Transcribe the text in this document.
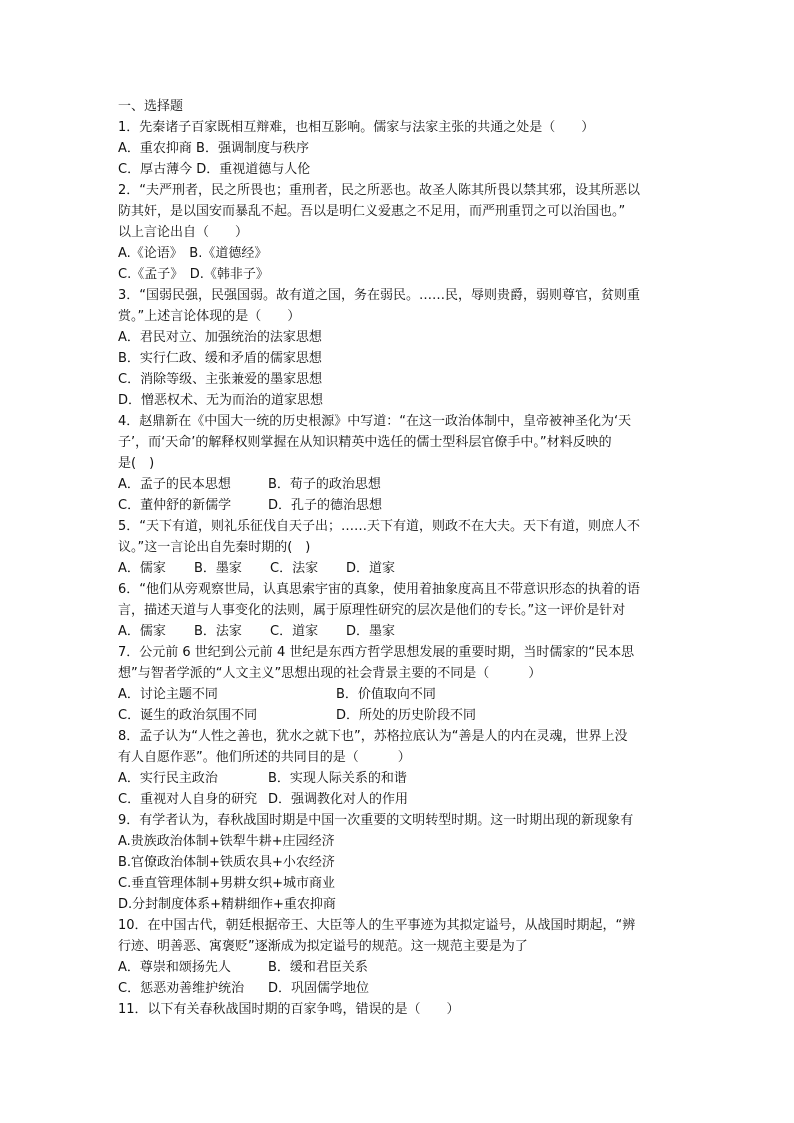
一、选择题
1．先秦诸子百家既相互辩难，也相互影响。儒家与法家主张的共通之处是（　　）
A．重农抑商 B．强调制度与秩序
C．厚古薄今 D．重视道德与人伦
2．“夫严刑者，民之所畏也；重刑者，民之所恶也。故圣人陈其所畏以禁其邪，设其所恶以
防其奸，是以国安而暴乱不起。吾以是明仁义爱惠之不足用，而严刑重罚之可以治国也。”
以上言论出自（　　）
A.《论语》　B.《道德经》
C.《孟子》　D.《韩非子》
3．“国弱民强，民强国弱。故有道之国，务在弱民。……民，辱则贵爵，弱则尊官，贫则重
赏。”上述言论体现的是（　　）
A．君民对立、加强统治的法家思想
B．实行仁政、缓和矛盾的儒家思想
C．消除等级、主张兼爱的墨家思想
D．憎恶权术、无为而治的道家思想
4．赵鼎新在《中国大一统的历史根源》中写道：“在这一政治体制中，皇帝被神圣化为‘天
子’，而‘天命’的解释权则掌握在从知识精英中选任的儒士型科层官僚手中。”材料反映的
是(　)
A．孟子的民本思想	B．荀子的政治思想
C．董仲舒的新儒学	D．孔子的德治思想
5．“天下有道，则礼乐征伐自天子出；……天下有道，则政不在大夫。天下有道，则庶人不
议。”这一言论出自先秦时期的(　)
A．儒家	B．墨家	C．法家	D．道家
6．“他们从旁观察世局，认真思索宇宙的真象，使用着抽象度高且不带意识形态的执着的语
言，描述天道与人事变化的法则，属于原理性研究的层次是他们的专长。”这一评价是针对
A．儒家	B．法家	C．道家	D．墨家
7．公元前 6 世纪到公元前 4 世纪是东西方哲学思想发展的重要时期，当时儒家的“民本思
想”与智者学派的“人文主义”思想出现的社会背景主要的不同是（　　　）
A．讨论主题不同	B．价值取向不同
C．诞生的政治氛围不同	D．所处的历史阶段不同
8．孟子认为“人性之善也，犹水之就下也”，苏格拉底认为“善是人的内在灵魂，世界上没
有人自愿作恶”。他们所述的共同目的是（　　　）
A．实行民主政治	B．实现人际关系的和谐
C．重视对人自身的研究 D．强调教化对人的作用
9．有学者认为，春秋战国时期是中国一次重要的文明转型时期。这一时期出现的新现象有
A.贵族政治体制+铁犁牛耕+庄园经济
B.官僚政治体制+铁质农具+小农经济
C.垂直管理体制+男耕女织+城市商业
D.分封制度体系+精耕细作+重农抑商
10．在中国古代，朝廷根据帝王、大臣等人的生平事迹为其拟定谥号，从战国时期起，“辨
行迹、明善恶、寓褒贬”逐渐成为拟定谥号的规范。这一规范主要是为了
A．尊崇和颂扬先人	B．缓和君臣关系
C．惩恶劝善维护统治	D．巩固儒学地位
11．以下有关春秋战国时期的百家争鸣，错误的是（　　）
